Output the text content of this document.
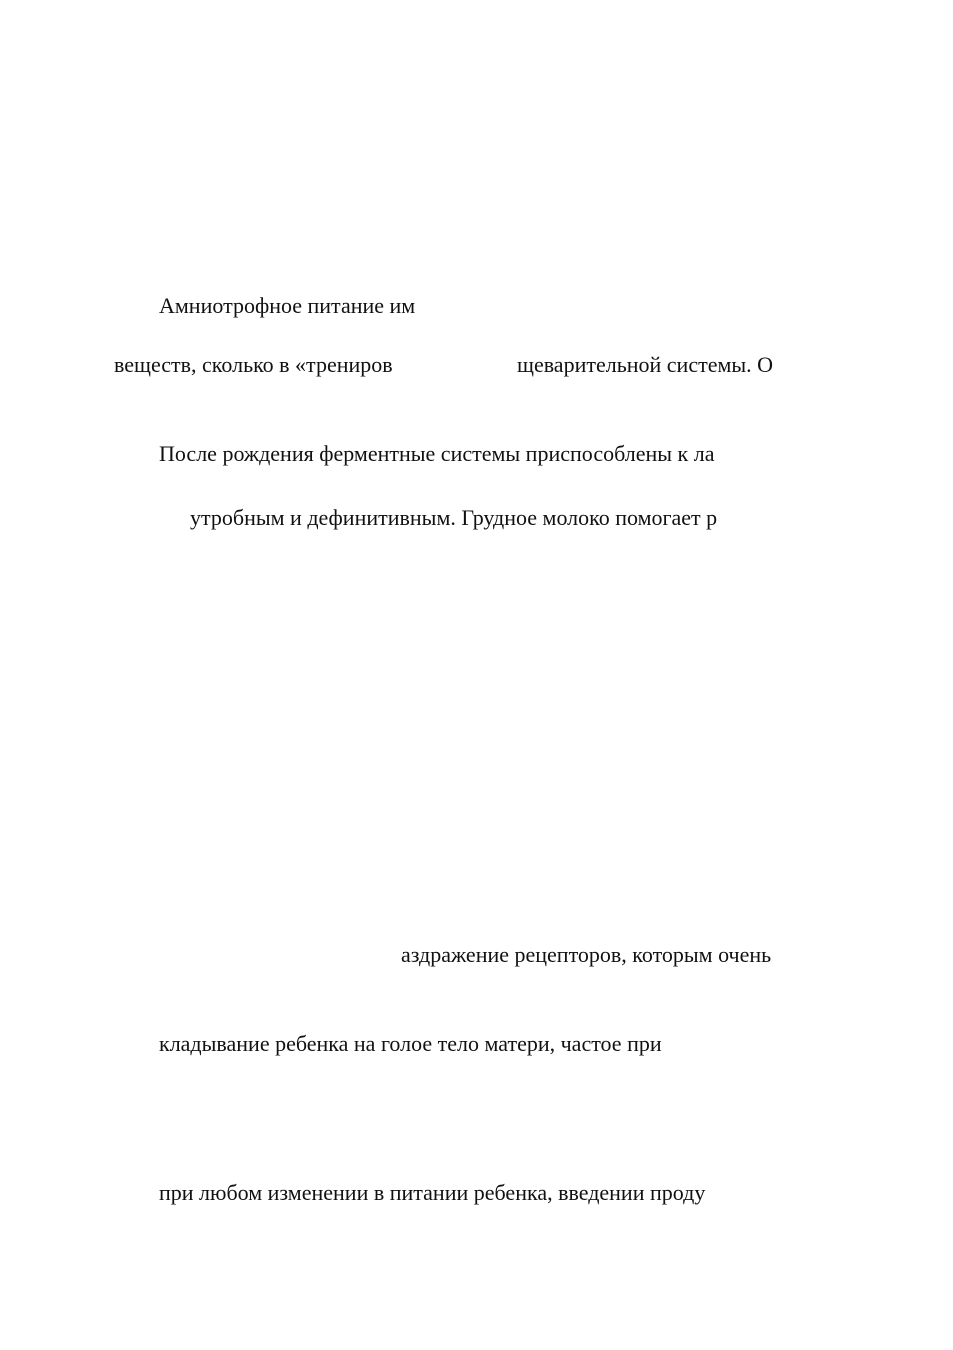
Амниотрофное питание им

веществ, сколько в «трениров	щеварительной системы. О

После рождения ферментные системы приспособлены к ла

утробным и дефинитивным. Грудное молоко помогает р

аздражение рецепторов, которым очень

кладывание ребенка на голое тело матери, частое при

при любом изменении в питании ребенка, введении проду
